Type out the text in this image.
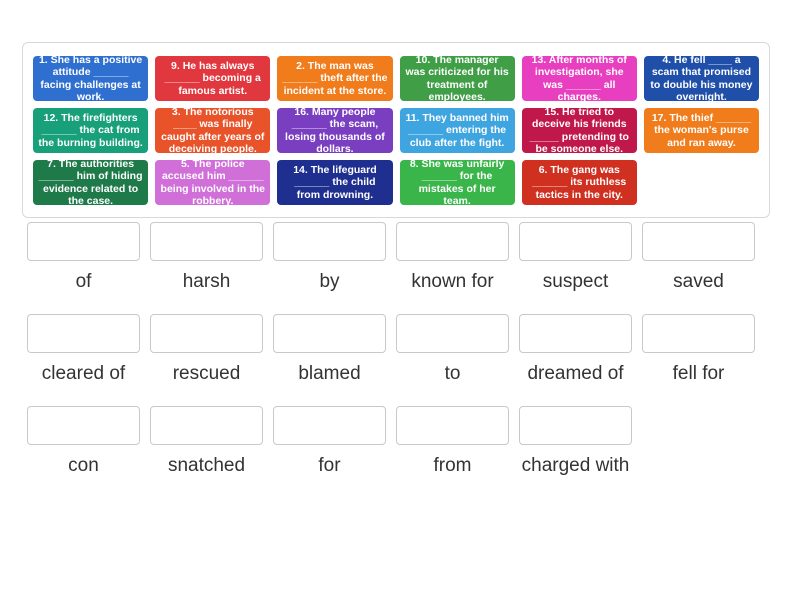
1. She has a positive attitude ______ facing challenges at work.
9. He has always ______ becoming a famous artist.
2. The man was ______ theft after the incident at the store.
10. The manager was criticized for his treatment of employees.
13. After months of investigation, she was ______ all charges.
4. He fell ____ a scam that promised to double his money overnight.
12. The firefighters ______ the cat from the burning building.
3. The notorious ____ was finally caught after years of deceiving people.
16. Many people ______ the scam, losing thousands of dollars.
11. They banned him ______ entering the club after the fight.
15. He tried to deceive his friends _____ pretending to be someone else.
17. The thief ______ the woman's purse and ran away.
7. The authorities ______ him of hiding evidence related to the case.
5. The police accused him ______ being involved in the robbery.
14. The lifeguard ______ the child from drowning.
8. She was unfairly ______ for the mistakes of her team.
6. The gang was ______ its ruthless tactics in the city.
of	harsh	by	known for	suspect	saved
cleared of	rescued	blamed	to	dreamed of	fell for
con	snatched	for	from	charged with
